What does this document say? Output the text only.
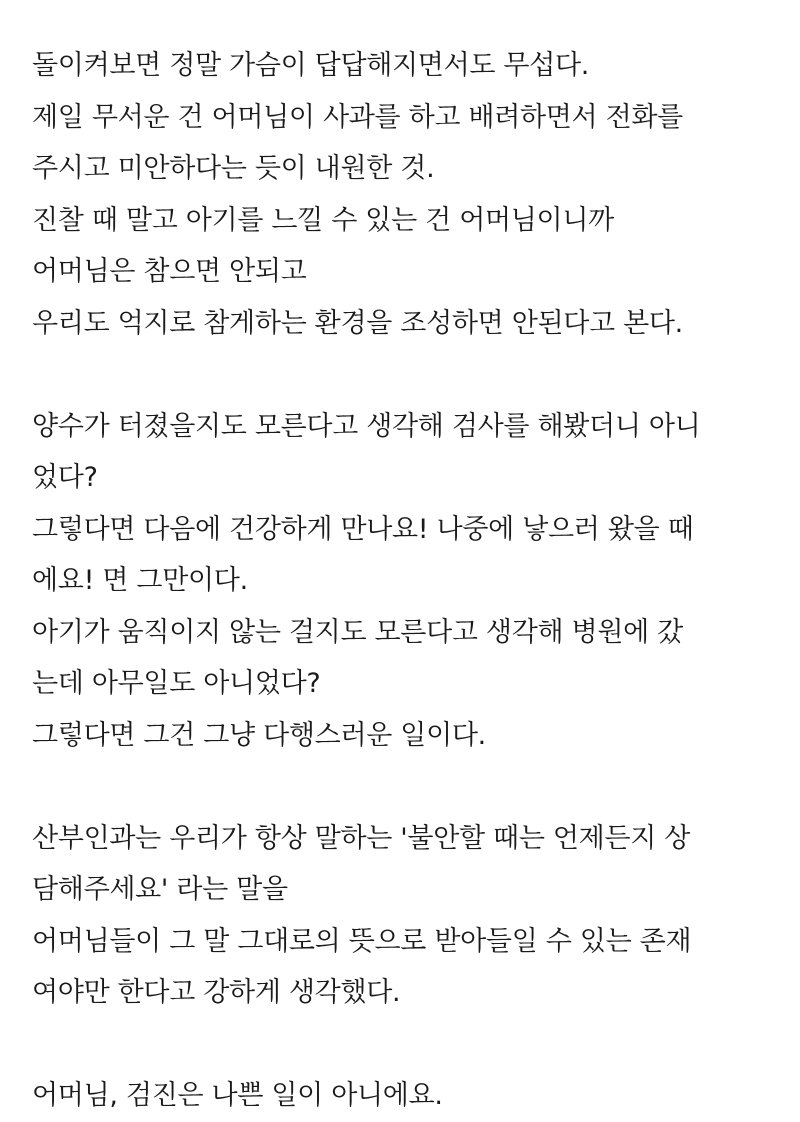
돌이켜보면 정말 가슴이 답답해지면서도 무섭다.
제일 무서운 건 어머님이 사과를 하고 배려하면서 전화를
주시고 미안하다는 듯이 내원한 것.
진찰 때 말고 아기를 느낄 수 있는 건 어머님이니까
어머님은 참으면 안되고
우리도 억지로 참게하는 환경을 조성하면 안된다고 본다.
양수가 터졌을지도 모른다고 생각해 검사를 해봤더니 아니
었다?
그렇다면 다음에 건강하게 만나요! 나중에 낳으러 왔을 때
에요! 면 그만이다.
아기가 움직이지 않는 걸지도 모른다고 생각해 병원에 갔
는데 아무일도 아니었다?
그렇다면 그건 그냥 다행스러운 일이다.
산부인과는 우리가 항상 말하는 '불안할 때는 언제든지 상
담해주세요' 라는 말을
어머님들이 그 말 그대로의 뜻으로 받아들일 수 있는 존재
여야만 한다고 강하게 생각했다.
어머님, 검진은 나쁜 일이 아니에요.
